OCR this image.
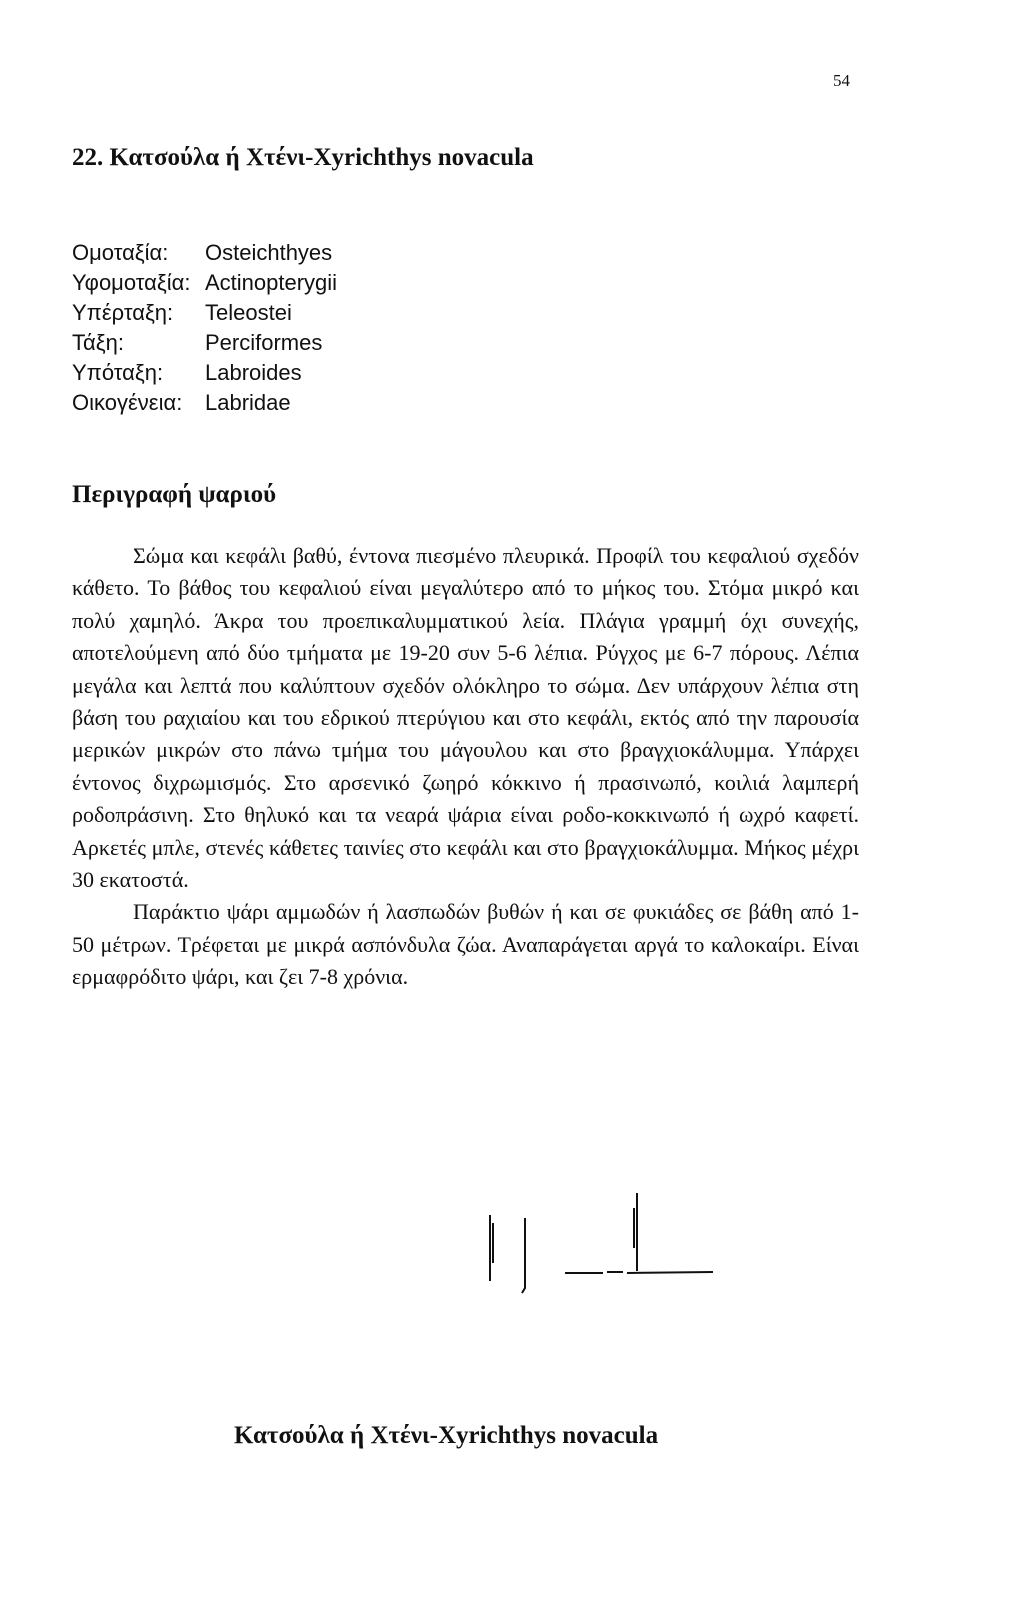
54
22. Κατσούλα ή Χτένι-Xyrichthys novacula
Ομοταξία:	Osteichthyes
Υφομοταξία: Actinopterygii
Υπέρταξη:	Teleostei
Τάξη:	Perciformes
Υπόταξη:	Labroides
Οικογένεια:	Labridae
Περιγραφή ψαριού

Σώμα και κεφάλι βαθύ, έντονα πιεσμένο πλευρικά. Προφίλ του κεφαλιού σχεδόν κάθετο. Το βάθος του κεφαλιού είναι μεγαλύτερο από το μήκος του. Στόμα μικρό και πολύ χαμηλό. Άκρα του προεπικαλυμματικού λεία. Πλάγια γραμμή όχι συνεχής, αποτελούμενη από δύο τμήματα με 19-20 συν 5-6 λέπια. Ρύγχος με 6-7 πόρους. Λέπια μεγάλα και λεπτά που καλύπτουν σχεδόν ολόκληρο το σώμα. Δεν υπάρχουν λέπια στη βάση του ραχιαίου και του εδρικού πτερύγιου και στο κεφάλι, εκτός από την παρουσία μερικών μικρών στο πάνω τμήμα του μάγουλου και στο βραγχιοκάλυμμα. Υπάρχει έντονος διχρωμισμός. Στο αρσενικό ζωηρό κόκκινο ή πρασινωπό, κοιλιά λαμπερή ροδοπράσινη. Στο θηλυκό και τα νεαρά ψάρια είναι ροδο-κοκκινωπό ή ωχρό καφετί. Αρκετές μπλε, στενές κάθετες ταινίες στο κεφάλι και στο βραγχιοκάλυμμα. Μήκος μέχρι 30 εκατοστά.

Παράκτιο ψάρι αμμωδών ή λασπωδών βυθών ή και σε φυκιάδες σε βάθη από 1-50 μέτρων. Τρέφεται με μικρά ασπόνδυλα ζώα. Αναπαράγεται αργά το καλοκαίρι. Είναι ερμαφρόδιτο ψάρι, και ζει 7-8 χρόνια.

Κατσούλα ή Χτένι-Xyrichthys novacula
